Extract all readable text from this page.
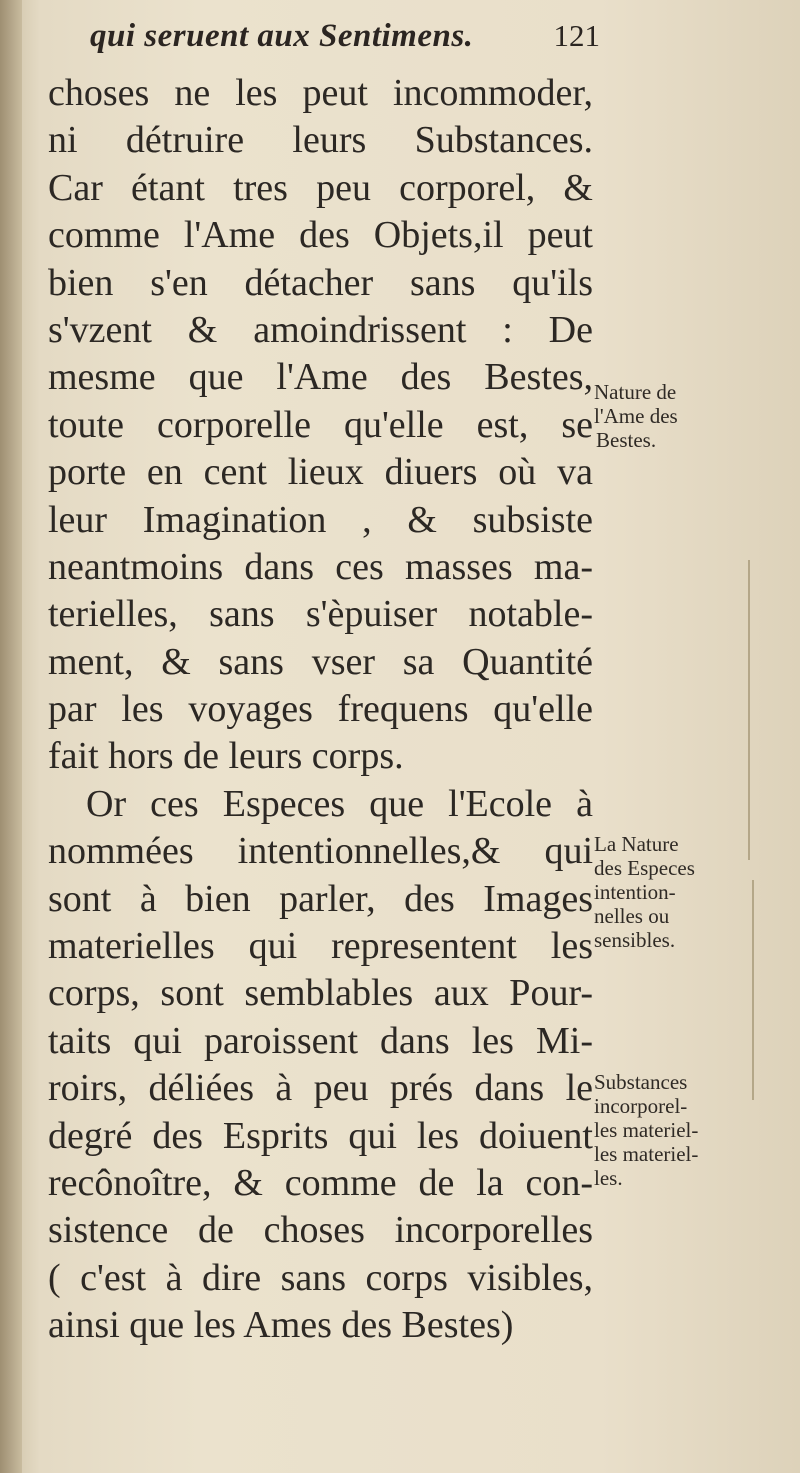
qui seruent aux Sentimens.	121
choses ne les peut incommoder,
ni détruire leurs Substances.
Car étant tres peu corporel, &
comme l'Ame des Objets,il peut
bien s'en détacher sans qu'ils
s'vzent & amoindrissent : De
mesme que l'Ame des Bestes,
toute corporelle qu'elle est, se
porte en cent lieux diuers où va
leur Imagination , & subsiste
neantmoins dans ces masses ma-
terielles, sans s'èpuiser notable-
ment, & sans vser sa Quantité
par les voyages frequens qu'elle
fait hors de leurs corps.
Or ces Especes que l'Ecole à
nommées intentionnelles,& qui
sont à bien parler, des Images
materielles qui representent les
corps, sont semblables aux Pour-
taits qui paroissent dans les Mi-
roirs, déliées à peu prés dans le
degré des Esprits qui les doiuent
recônoître, & comme de la con-
sistence de choses incorporelles
( c'est à dire sans corps visibles,
ainsi que les Ames des Bestes)
Nature de
l'Ame des
Bestes.
La Nature
des Especes
intention-
nelles ou
sensibles.
Substances
incorporel-
les materiel-
les materiel-
les.
